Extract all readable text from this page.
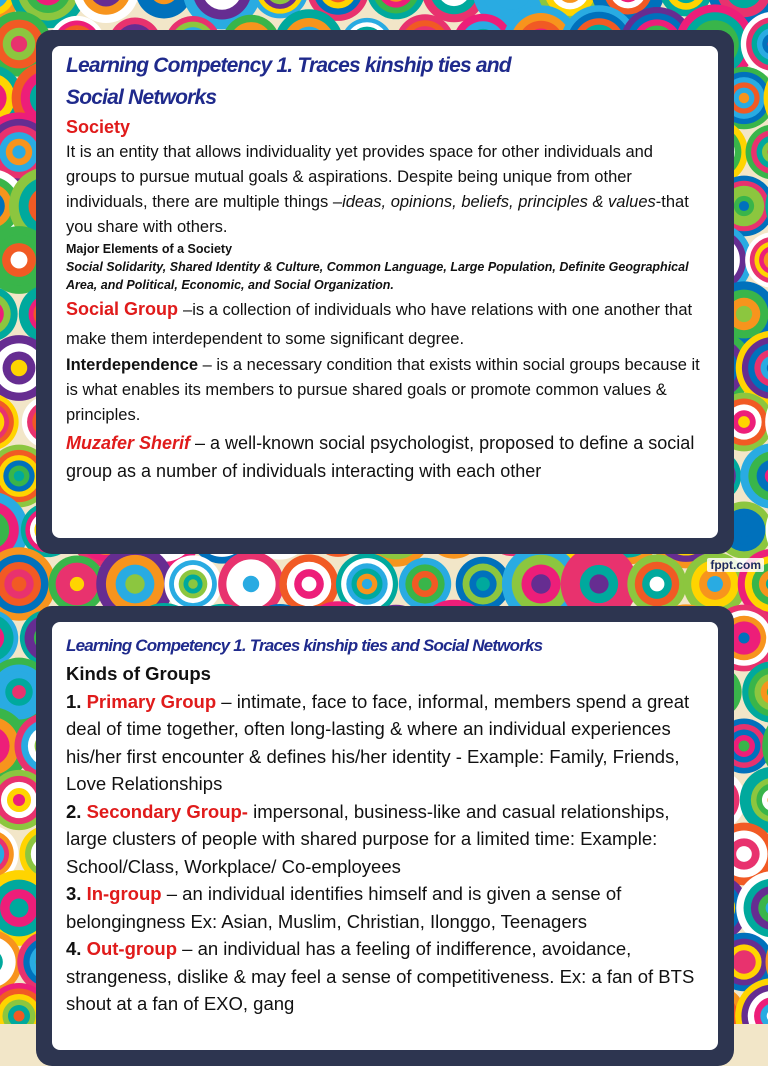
Learning Competency 1. Traces kinship ties and
Social Networks
Society
It is an entity that allows individuality yet provides space for other individuals and groups to pursue mutual goals & aspirations. Despite being unique from other individuals, there are multiple things –ideas, opinions, beliefs, principles & values-that you share with others.
Major Elements of a Society
Social Solidarity, Shared Identity & Culture, Common Language, Large Population, Definite Geographical Area, and Political, Economic, and Social Organization.
Social Group –is a collection of individuals who have relations with one another that make them interdependent to some significant degree.
Interdependence – is a necessary condition that exists within social groups because it is what enables its members to pursue shared goals or promote common values & principles.
Muzafer Sherif – a well-known social psychologist, proposed to define a social group as a number of individuals interacting with each other
fppt.com
Learning Competency 1. Traces kinship ties and Social Networks
Kinds of Groups
1. Primary Group – intimate, face to face, informal, members spend a great deal of time together, often long-lasting & where an individual experiences his/her first encounter & defines his/her identity - Example: Family, Friends, Love Relationships
2. Secondary Group- impersonal, business-like and casual relationships, large clusters of people with shared purpose for a limited time: Example: School/Class, Workplace/ Co-employees
3. In-group – an individual identifies himself and is given a sense of belongingness Ex: Asian, Muslim, Christian, Ilonggo, Teenagers
4. Out-group – an individual has a feeling of indifference, avoidance, strangeness, dislike & may feel a sense of competitiveness. Ex: a fan of BTS shout at a fan of EXO, gang
